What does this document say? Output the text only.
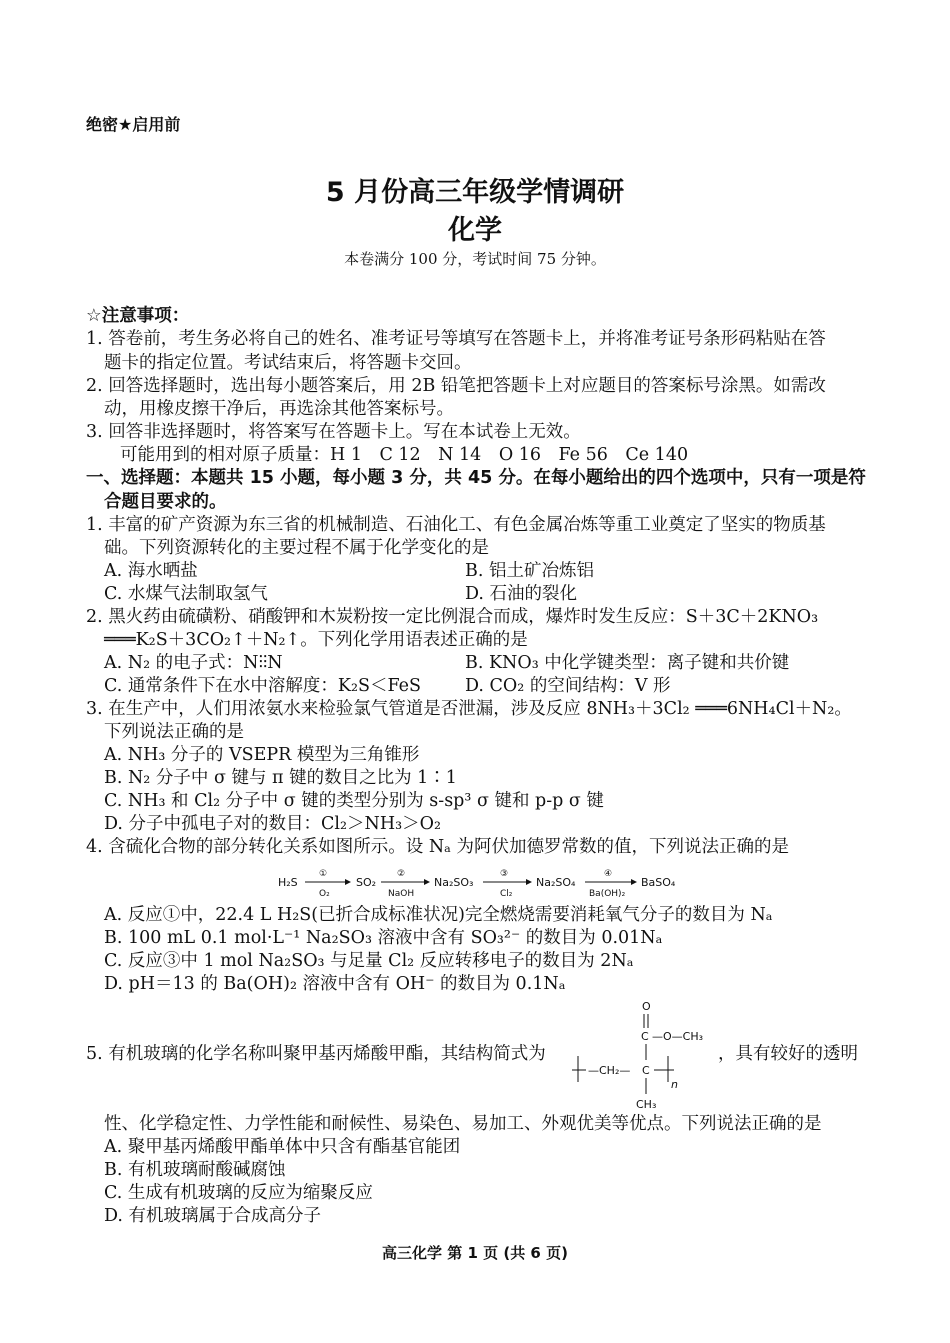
绝密★启用前
5 月份高三年级学情调研
化学
本卷满分 100 分，考试时间 75 分钟。
☆注意事项：
1. 答卷前，考生务必将自己的姓名、准考证号等填写在答题卡上，并将准考证号条形码粘贴在答
题卡的指定位置。考试结束后，将答题卡交回。
2. 回答选择题时，选出每小题答案后，用 2B 铅笔把答题卡上对应题目的答案标号涂黑。如需改
动，用橡皮擦干净后，再选涂其他答案标号。
3. 回答非选择题时，将答案写在答题卡上。写在本试卷上无效。
可能用到的相对原子质量：H 1　C 12　N 14　O 16　Fe 56　Ce 140
一、选择题：本题共 15 小题，每小题 3 分，共 45 分。在每小题给出的四个选项中，只有一项是符
合题目要求的。
1. 丰富的矿产资源为东三省的机械制造、石油化工、有色金属冶炼等重工业奠定了坚实的物质基
础。下列资源转化的主要过程不属于化学变化的是
A. 海水晒盐	B. 铝土矿冶炼铝
C. 水煤气法制取氢气	D. 石油的裂化
2. 黑火药由硫磺粉、硝酸钾和木炭粉按一定比例混合而成，爆炸时发生反应：S＋3C＋2KNO₃
═══K₂S＋3CO₂↑＋N₂↑。下列化学用语表述正确的是
A. N₂ 的电子式：N⫶⫶N	B. KNO₃ 中化学键类型：离子键和共价键
C. 通常条件下在水中溶解度：K₂S＜FeS	D. CO₂ 的空间结构：V 形
3. 在生产中，人们用浓氨水来检验氯气管道是否泄漏，涉及反应 8NH₃＋3Cl₂ ═══6NH₄Cl＋N₂。
下列说法正确的是
A. NH₃ 分子的 VSEPR 模型为三角锥形
B. N₂ 分子中 σ 键与 π 键的数目之比为 1∶1
C. NH₃ 和 Cl₂ 分子中 σ 键的类型分别为 s-sp³ σ 键和 p-p σ 键
D. 分子中孤电子对的数目：Cl₂＞NH₃＞O₂
4. 含硫化合物的部分转化关系如图所示。设 Nₐ 为阿伏加德罗常数的值，下列说法正确的是
H₂S
①
O₂
SO₂
②
NaOH
Na₂SO₃
③
Cl₂
Na₂SO₄
④
Ba(OH)₂
BaSO₄
A. 反应①中，22.4 L H₂S(已折合成标准状况)完全燃烧需要消耗氧气分子的数目为 Nₐ
B. 100 mL 0.1 mol·L⁻¹ Na₂SO₃ 溶液中含有 SO₃²⁻ 的数目为 0.01Nₐ
C. 反应③中 1 mol Na₂SO₃ 与足量 Cl₂ 反应转移电子的数目为 2Nₐ
D. pH＝13 的 Ba(OH)₂ 溶液中含有 OH⁻ 的数目为 0.1Nₐ
5. 有机玻璃的化学名称叫聚甲基丙烯酸甲酯，其结构简式为	，具有较好的透明
O
C —O—CH₃
—CH₂— C
n
CH₃
性、化学稳定性、力学性能和耐候性、易染色、易加工、外观优美等优点。下列说法正确的是
A. 聚甲基丙烯酸甲酯单体中只含有酯基官能团
B. 有机玻璃耐酸碱腐蚀
C. 生成有机玻璃的反应为缩聚反应
D. 有机玻璃属于合成高分子
高三化学 第 1 页 (共 6 页)
